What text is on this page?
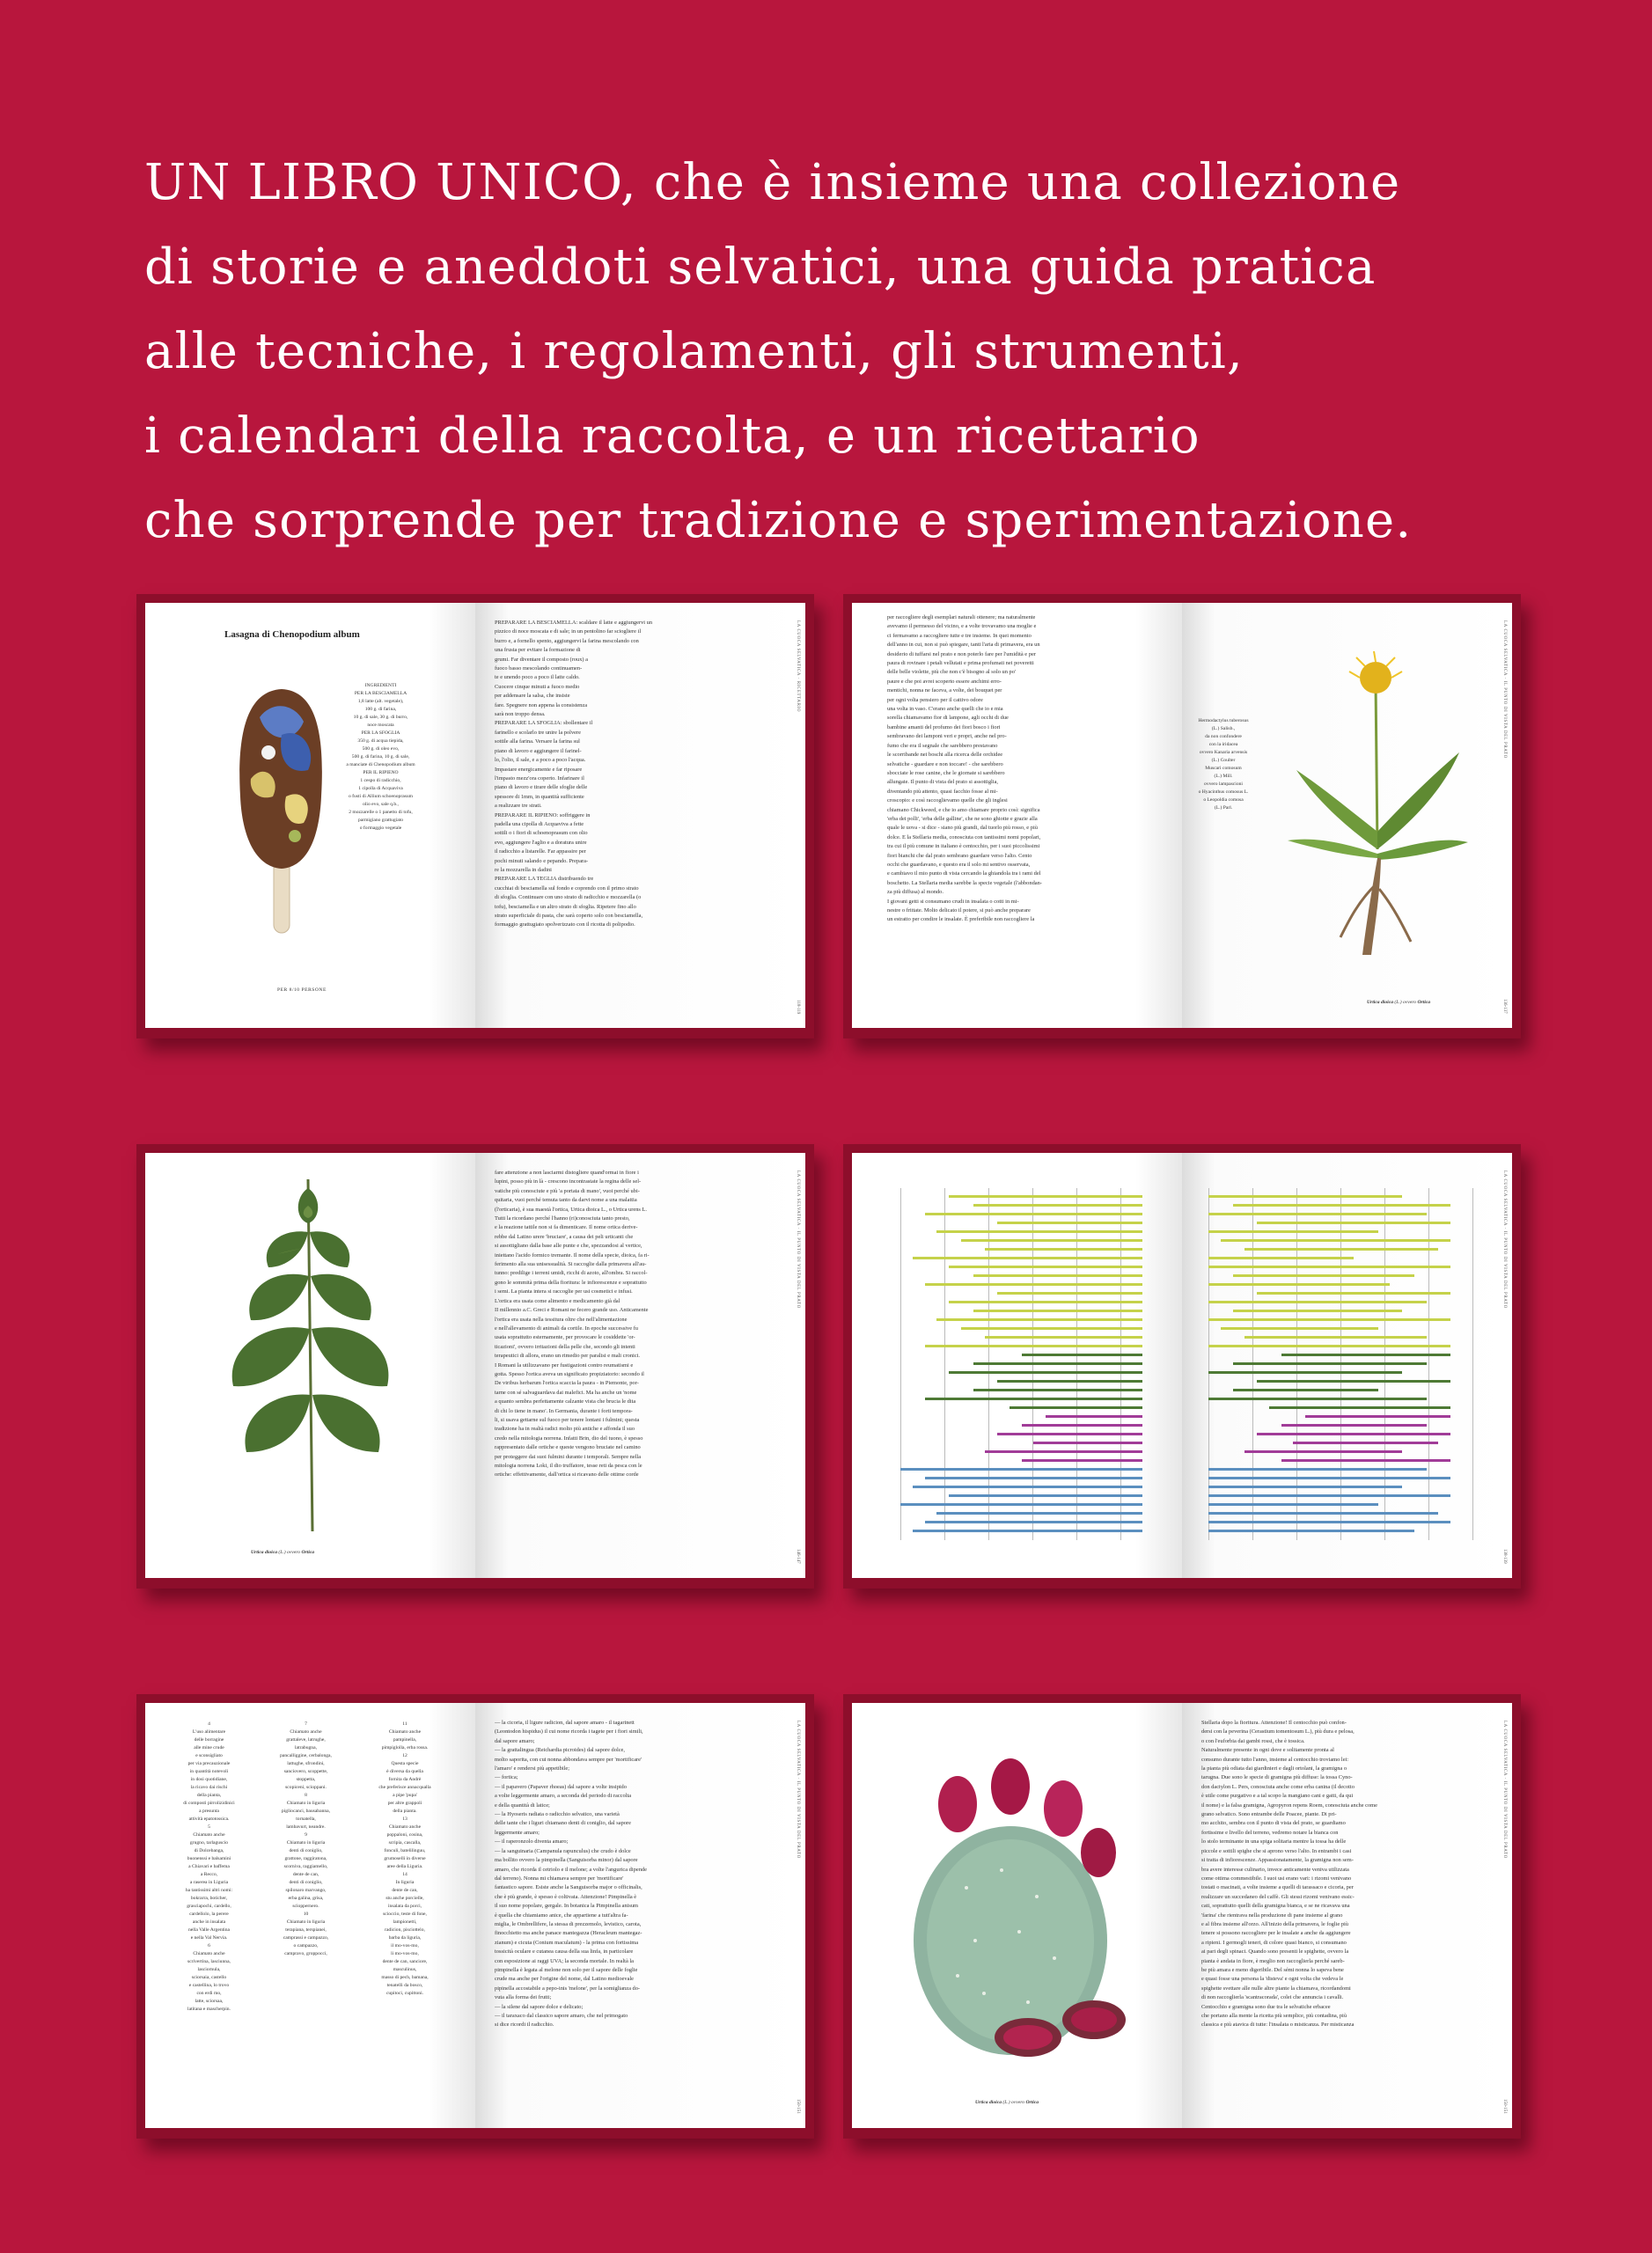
UN LIBRO UNICO, che è insieme una collezione
di storie e aneddoti selvatici, una guida pratica
alle tecniche, i regolamenti, gli strumenti,
i calendari della raccolta, e un ricettario
che sorprende per tradizione e sperimentazione.
Lasagna di Chenopodium album
INGREDIENTI
PER LA BESCIAMELLA
1,8 latte (alt. vegetale),
100 g. di farina,
10 g. di sale, 30 g. di burro,
noce moscata
PER LA SFOGLIA
350 g. di acqua tiepida,
500 g. di oleo evo,
500 g. di farina, 10 g. di sale,
a manciate di Chenopodium album
PER IL RIPIENO
1 cespo di radicchio,
1 cipolla di Acquaviva
o fusti di Allium schoenoprasum
olio evo, sale q.b.,
2 mozzarelle o 1 panetto di tofu,
parmigiano grattugiato
o formaggio vegetale
PER 8/10 PERSONE
PREPARARE LA BESCIAMELLA: scaldare il latte e aggiungervi un
pizzico di noce moscata e di sale; in un pentolino far sciogliere il
burro e, a fornello spento, aggiungervi la farina mescolando con
una frusta per evitare la formazione di
grumi. Far diventare il composto (roux) a
fuoco basso mescolando continuamen-
te e unendo poco a poco il latte caldo.
Cuocere cinque minuti a fuoco medio
per addensare la salsa, che insiste
fare. Spegnere non appena la consistenza
sarà non troppo densa.
PREPARARE LA SFOGLIA: sbollentare il
farinello e scolarlo tre unire la polvere
sottile alla farina. Versare la farina sul
piano di lavoro e aggiungere il farinel-
lo, l'olio, il sale, e a poco a poco l'acqua.
Impastare energicamente e far riposare
l'impasto mezz'ora coperto. Infarinare il
piano di lavoro e tirare delle sfoglie delle
spessore di 1mm, in quantità sufficiente
a realizzare tre strati.
PREPARARE IL RIPIENO: soffriggere in
padella una cipolla di Acquaviva a fette
sottili o i fiori di schoenoprasum con olio
evo, aggiungere l'aglio e a doratura unire
il radicchio a listarelle. Far appassire per
pochi minuti salando e pepando. Prepara-
re la mozzarella in dadini
PREPARARE LA TEGLIA distribuendo tre
cucchiai di besciamella sul fondo e coprendo con il primo strato
di sfoglia. Continuare con uno strato di radicchio e mozzarella (o
tofu), besciamella e un altro strato di sfoglia. Ripetere fino allo
strato superficiale di pasta, che sarà coperto solo con besciamella,
formaggio grattugiato spolverizzato con il ricotta di polipodio.
LA CUOCA SELVATICA · RICETTARIO
118-119
per raccogliere degli esemplari naturali ottenere; ma naturalmente
avevamo il permesso del vicino, e a volte trovavamo una moglie e
ci fermavamo a raccogliere tutte e tre insieme. In quei momento
dell'anno in cui, non si può spiegare, tanti l'aria di primavera, era un
desiderio di tuffarsi nel prato e non poterlo fare per l'umidità e per
paura di rovinare i petali vellutati e prima profumati nei poveretti
delle belle violette, più che non c'è bisogno al solo un po'
paure e che poi avrei scoperto essere anchimi erro-
mentichi, nonna ne faceva, a volte, dei bouquet per
per ogni volta pensiero per il cattivo odore
una volta in vaso. C'erano anche quelli che io e mia
sorella chiamavamo fior di lampone, agli occhi di due
bambine amanti del profumo dei fiori bosco i fiori
sembravano dei lamponi veri e propri, anche nel pro-
fumo che era il segnale che sarebbero prestavano
le scorribande nei boschi alla ricerca delle orchidee
selvatiche - guardare e non toccare! - che sarebbero
sbocciate le rose canine, che le giornate si sarebbero
allungate. Il punto di vista del prato si assottiglia,
diventando più attento, quasi facchio fosse al mi-
croscopio: e così raccoglievamo quelle che gli inglesi
chiamano Chickweed, e che io amo chiamare proprio così: significa
'erba dei polli', 'erba delle galline', che ne sono ghiotte e grazie alla
quale le uova - si dice - siano più grandi, dal tuorlo più rosso, e più
dolce. E la Stellaria media, conosciuta con tantissimi nomi popolari,
tra cui il più comune in italiano è centocchio, per i suoi piccolissimi
fiori bianchi che dal prato sembrano guardare verso l'alto. Cento
occhi che guardavano, e questo era il solo mi sentivo osservata,
e cambiavo il mio punto di vista cercando la ghiandola tra i rami del
boschetto. La Stellaria media sarebbe la specie vegetale (l'abbondan-
za più diffusa) al mondo.
I giovani getti si consumano crudi in insalata o cotti in mi-
nestre o frittate. Molto delicato il potere, si può anche preparare
un estratto per condire le insalate. È preferibile non raccogliere la
Hermodactylus tuberosus
(L.) Salisb.,
da non confondere
con la iridacea
ovvero Kanaria arvensis
(L.) Coulter
Muscari comosum
(L.) Mill.
ovvero lampascioni
o Hyacinthus comosus L.
o Leopoldia comosa
(L.) Parl.
Urtica dioica (L.) ovvero Ortica
LA CUOCA SELVATICA · IL PUNTO DI VISTA DEL PRATO
136-137
Urtica dioica (L.) ovvero Ortica
fare attenzione a non lasciarmi distogliere quand'ormai in fiore i
lupini, posso più in là - crescono incontrastate la regina delle sel-
vatiche più conosciute e più 'a portata di mano', vuoi perché ubi-
quitaria, vuoi perché temuta tanto da darvi nome a una malattia
(l'orticaria), è sua maestà l'ortica, Urtica dioica L., o Urtica urens L.
Tutti la ricordano perché l'hanno (ri)conosciuta tanto presto,
e la reazione tattile non si fa dimenticare. Il nome ortica derive-
rebbe dal Latino urere 'bruciare', a causa dei peli urticanti che
si assottigliano dalla base alle punte e che, spezzandosi al vertice,
iniettano l'acido formico tremante. Il nome della specie, dioica, fa ri-
ferimento alla sua unisessualità. Si raccoglie dalla primavera all'au-
tunno: predilige i terreni umidi, ricchi di azoto, all'ombra. Si raccol-
gono le sommità prima della fioritura: le infiorescenze e soprattutto
i semi. La pianta intera si raccoglie per usi cosmetici e infusi.
L'ortica era usata come alimento e medicamento già dal
II millennio a.C. Greci e Romani ne fecero grande uso. Anticamente
l'ortica era usata nella tessitura oltre che nell'alimentazione
e nell'allevamento di animali da cortile. In epoche successive fu
usata soprattutto esternamente, per provocare le cosiddette 'or-
ticazioni', ovvero irritazioni della pelle che, secondo gli intenti
terapeutici di allora, erano un rimedio per paralisi e mali cronici.
I Romani la utilizzavano per fustigazioni contro reumatismi e
gotta. Spesso l'ortica aveva un significato propiziatorio: secondo il
De viribus herbarum l'ortica scaccia la paura - in Piemonte, por-
tarne con sé salvaguardava dai malefici. Ma ha anche un 'nome
a quanto sembra perfettamente calzante vista che brucia le dita
di chi lo tiene in mano'. In Germania, durante i forti tempora-
li, si usava gettarne sul fuoco per tenere lontani i fulmini; questa
tradizione ha in realtà radici molto più antiche e affonda il suo
credo nella mitologia norrena. Infatti Brin, dio del tuono, è spesso
rappresentato dalle ortiche e queste vengono bruciate nel camino
per proteggere dai suoi fulmini durante i temporali. Sempre nella
mitologia norrena Loki, il dio truffatore, tesse reti da pesca con le
ortiche: effettivamente, dall'ortica si ricavano delle ottime corde
LA CUOCA SELVATICA · IL PUNTO DI VISTA DEL PRATO
146-147
LA CUOCA SELVATICA · IL PUNTO DI VISTA DEL PRATO
138-139
4
L'uso alimentare
delle borragine
alle mine crude
e sconsigliato
per via precauzionale
in quantità notevoli
in dosi quotidiane,
la ricavo dai rischi
della pianta,
di composti pirrolizidinici
a presunta
attività epatotossica.
5
Chiamato anche
grugno, tarlaguscio
di Dolcebanga,
buonenssi e balsamini
a Chiavari e baffema
a Recco,
a raserea in Liguria
ha tantissimi altri nomi:
bokrarra, boticher,
grasciapochi, cardello,
cardellolo, la perere
anche in insalata
nella Valle Argentina
e nella Val Nervia.
6
Chiamato anche
scrivertina, lasciunna,
lasciornula,
sciorsaia, castello
e castellina, lo trovo
con erdi mo,
latte, sciorsaa,
latitana e mascherpin.
7
Chiamato anche
grattaleve, latrughe,
latrabugna,
pancalliggine, cerbalonga,
lattughe, sfrondini,
sanciovero, scoppette,
stoppetta,
scopiceni, scioppani.
8
Chiamato in liguria
pigliocanci, bausabanna,
tornatella,
lambavurt, neandre.
9
Chiamato in liguria
denti di coniglio,
grattone, raggiratona,
scorniva, raggiamello,
dente de can,
denti di coniglio,
spilonaro marvango,
erba galina, grisa,
scioppernero.
10
Chiamato in liguria
terapiana, terspianei,
camprassi e campazzo,
o campazzo,
campravo, groppocci,
11
Chiamato anche
pampinella,
pimpiglolla, erba rossa.
12
Questa specie
è diversa da quella
fornita da Andrè
che preferisce annacqualla
a pipe 'pupa'
per altre grappoli
della pianta.
13
Chiamato anche
poppaloni, cosina,
scripia, cascalla,
fonculi, batelilinguu,
grumoselli in diverse
aree della Liguria.
14
In liguria
dente de can,
stu anche porcielle,
insalata da porci,
scioccio, teste di fone,
lampionetti,
radicion, pisciottelo,
barba da liguria,
il mo-vos-mo,
li mo-vos-mo,
dente de can, sanciore,
masculinus,
masso di pech, bamana,
tenatelli da bosco,
cupitoci, cupittoni.
— la cicoria, il ligure radicion, dal sapore amaro - il tagarinett
(Leontodon hispidus) il cui nome ricorda i tagete per i fiori simili,
dal sapore amaro;
— la grattalingua (Reichardia picroides) dal sapore dolce,
molto saporita, con cui nonna abbondava sempre per 'mortificare'
l'amaro' e rendersi più appetibile;
— fortica;
— il papavero (Papaver rhoeas) dal sapore a volte insipido
a volte leggermente amaro, a seconda del periodo di raccolta
e della quantità di latice;
— la Hyoseris radiata o radicchio selvatico, una varietà
delle tante che i liguri chiamano denti di coniglio, dal sapore
leggermente amaro;
— il raperonzolo diventa amaro;
— la sanguinaria (Campanula rapunculus) che crudo è dolce
ma bollito ovvero la pimpinella (Sanguisorba minor) dal sapore
amaro, che ricorda il cetriolo e il melone; a volte l'angurica dipende
dal terreno). Nonna mi chiamava sempre per 'mortificare'
fantastico sapore. Esiste anche la Sanguisorba major o officinalis,
che è più grande, è spesso è coltivata. Attenzione! Pimpinella è
il suo nome popolare, gergale. In botanica la Pimpinella anisum
è quella che chiamiamo anice, che appartiene a tutt'altra fa-
miglia, le Ombrellifere, la stessa di prezzemolo, levistico, carota,
finocchietto ma anche panace mantegazza (Heracleum mantegaz-
zianum) e cicuta (Conium maculatum) - la prima con fortissima
tossicità oculare e cutanea causa della sua linfa, in particolare
con esposizione ai raggi UVA; la seconda mortale. In realtà la
pimpinella è legata al melone non solo per il sapore delle foglie
crude ma anche per l'origine del nome, dal Latino medioevale
pipinella accostabile a pepo-inis 'melone', per la somiglianza do-
vuta alla forma dei frutti;
— la silene dal sapore dolce e delicato;
— il taraxaco dal classico sapore amaro, che nel primogato
si dice ricordi il radicchio.
LA CUOCA SELVATICA · IL PUNTO DI VISTA DEL PRATO
150-151	Urtica dioica (L.) ovvero Ortica
Stellaria dopo la fioritura. Attenzione! Il centocchio può confon-
dersi con la peverina (Cerastium tomentosum L.), più dura e pelosa,
o con l'euforbia dai gambi rossi, che è tossica.
Naturalmente presente in ogni dove e solitamente pronta al
consumo durante tutto l'anno, insieme al centocchio troviamo lei:
la pianta più odiata dai giardinieri e dagli ortolani, la gramigna o
tarugna. Due sono le specie di gramigna più diffuse: la tossa Cyno-
don dactylon L. Pers, conosciuta anche come erba canina (il decotto
è utile come purgativo e a tal scopo la mangiano cani e gatti, da qui
il nome) e la falsa gramigna, Agropyron repens Roem, conosciuta anche come
grano selvatico. Sono entrambe delle Poacee, piante. Di pri-
mo acchito, sembra con il punto di vista del prato, se guardiamo
fortissime e livello del terreno, vedremo notare la bianca con
lo stolo terminante in una spiga solitaria mentre la tossa ha delle
piccole e sottili spighe che si aprono verso l'alto. In entrambi i casi
si tratta di infiorescenze. Appassionatamente, la gramigna non sem-
bra avere interesse culinario, invece anticamente veniva utilizzata
come ottima commestibile. I suoi usi erano vari: i rizomi venivano
tostati o macinati, a volte insieme a quelli di tarassaco e cicoria, per
realizzare un succedaneo del caffè. Gli stessi rizomi venivano essic-
cati, soprattutto quelli della gramigna bianca, e se ne ricavava una
'farina' che rientrava nella produzione di pane insieme al grano
e al fibra insieme all'orzo. All'inizio della primavera, le foglie più
tenere si possono raccogliere per le insalate a anche da aggiungere
a ripieni. I germogli teneri, di colore quasi bianco, si consumano
ai pari degli spinaci. Quando sono presenti le spighette, ovvero la
pianta è andata in fiore, è meglio non raccoglierla perché sareb-
be più amara e meno digeribile. Del sémi nonna lo sapeva bene
e quasi fosse una persona la 'disteva' e ogni volta che vedeva le
spighette svettare alle nulle altre piante la chiamava, ricordandomi
di non raccoglierla 'scantracorada', colei che annuncia i cavalli.
Centocchio e gramigna sono due tra le selvatiche erbacee
che portano alla mente la ricetta più semplice, più contadina, più
classica e più atavica di tutte: l'insalata o misticanza. Per misticanza
LA CUOCA SELVATICA · IL PUNTO DI VISTA DEL PRATO
150-151
